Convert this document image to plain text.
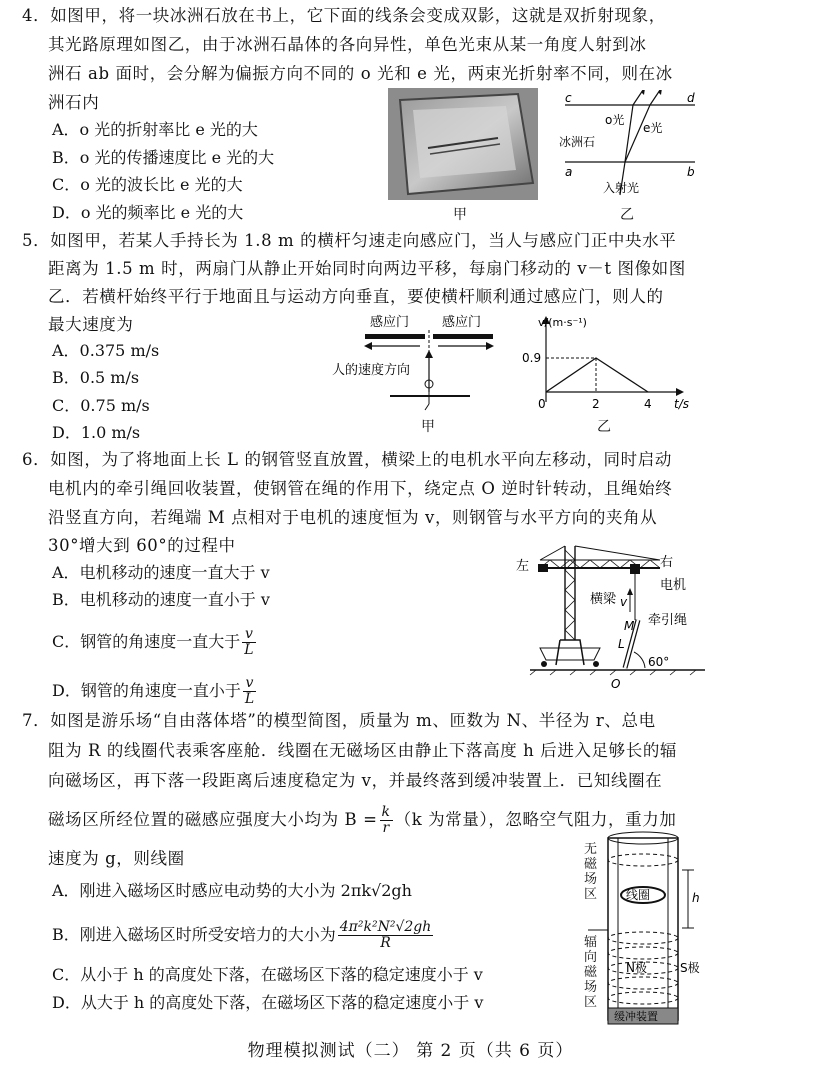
4．如图甲，将一块冰洲石放在书上，它下面的线条会变成双影，这就是双折射现象，
其光路原理如图乙，由于冰洲石晶体的各向异性，单色光束从某一角度人射到冰
洲石 ab 面时，会分解为偏振方向不同的 o 光和 e 光，两束光折射率不同，则在冰
洲石内
A．o 光的折射率比 e 光的大
B．o 光的传播速度比 e 光的大
C．o 光的波长比 e 光的大
D．o 光的频率比 e 光的大	甲
c	d
a	b
o光
e光
冰洲石
入射光
乙
5．如图甲，若某人手持长为 1.8 m 的横杆匀速走向感应门，当人与感应门正中央水平
距离为 1.5 m 时，两扇门从静止开始同时向两边平移，每扇门移动的 v－t 图像如图
乙．若横杆始终平行于地面且与运动方向垂直，要使横杆顺利通过感应门，则人的
最大速度为
A．0.375 m/s
B．0.5 m/s
C．0.75 m/s
D．1.0 m/s
感应门	感应门
人的速度方向
甲
v/(m·s⁻¹)
t/s
0.9
0	2	4
乙
6．如图，为了将地面上长 L 的钢管竖直放置，横梁上的电机水平向左移动，同时启动
电机内的牵引绳回收装置，使钢管在绳的作用下，绕定点 O 逆时针转动，且绳始终
沿竖直方向，若绳端 M 点相对于电机的速度恒为 v，则钢管与水平方向的夹角从
30°增大到 60°的过程中
A．电机移动的速度一直大于 v
B．电机移动的速度一直小于 v
C．钢管的角速度一直大于 $\frac{v}{L}$
D．钢管的角速度一直小于 $\frac{v}{L}$
左	右
电机
横梁
牵引绳
v
M
L
60°
O
7．如图是游乐场“自由落体塔”的模型简图，质量为 m、匝数为 N、半径为 r、总电
阻为 R 的线圈代表乘客座舱．线圈在无磁场区由静止下落高度 h 后进入足够长的辐
向磁场区，再下落一段距离后速度稳定为 v，并最终落到缓冲装置上．已知线圈在
磁场区所经位置的磁感应强度大小均为 $B = \frac{k}{r} (k$ 为常量），忽略空气阻力，重力加
速度为 g，则线圈
A．刚进入磁场区时感应电动势的大小为 2πk√2gh
B．刚进入磁场区时所受安培力的大小为 $\frac{\text{4π²k²N²√2gh}}{R}$
C．从小于 h 的高度处下落，在磁场区下落的稳定速度小于 v
D．从大于 h 的高度处下落，在磁场区下落的稳定速度小于 v
线圈	h
N极	S极
缓冲装置
无磁场区
辐向磁场区
物理模拟测试（二） 第 2 页（共 6 页）
